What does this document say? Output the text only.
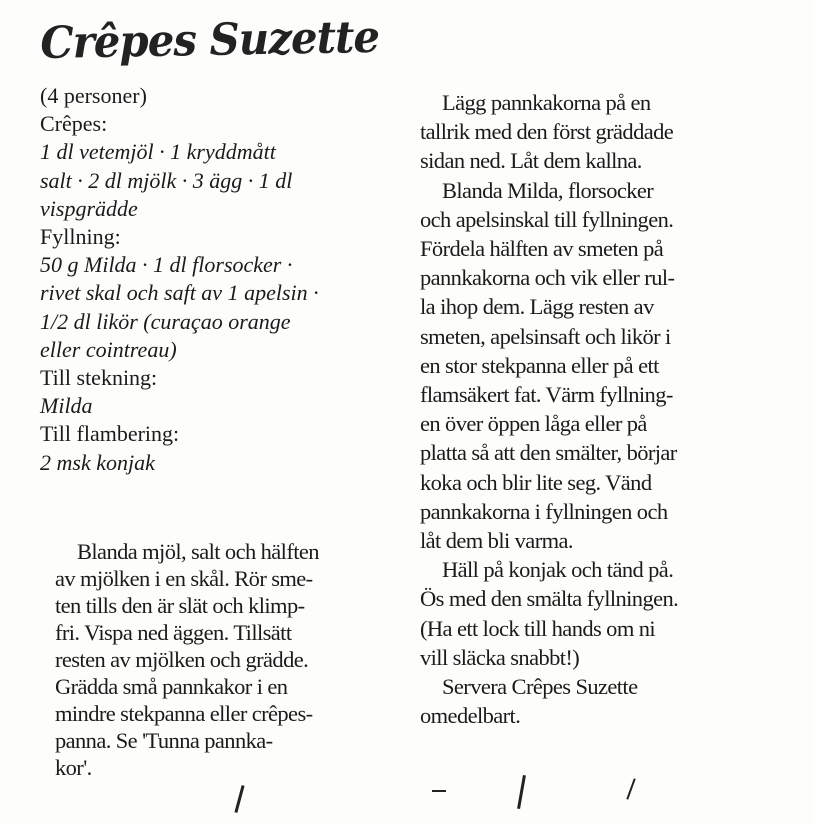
Crêpes Suzette
(4 personer)
Crêpes:
1 dl vetemjöl · 1 kryddmått
salt · 2 dl mjölk · 3 ägg · 1 dl
vispgrädde
Fyllning:
50 g Milda · 1 dl florsocker ·
rivet skal och saft av 1 apelsin ·
1/2 dl likör (curaçao orange
eller cointreau)
Till stekning:
Milda
Till flambering:
2 msk konjak
Blanda mjöl, salt och hälften
av mjölken i en skål. Rör sme-
ten tills den är slät och klimp-
fri. Vispa ned äggen. Tillsätt
resten av mjölken och grädde.
Grädda små pannkakor i en
mindre stekpanna eller crêpes-
panna. Se 'Tunna pannka-
kor'.
Lägg pannkakorna på en
tallrik med den först gräddade
sidan ned. Låt dem kallna.
Blanda Milda, florsocker
och apelsinskal till fyllningen.
Fördela hälften av smeten på
pannkakorna och vik eller rul-
la ihop dem. Lägg resten av
smeten, apelsinsaft och likör i
en stor stekpanna eller på ett
flamsäkert fat. Värm fyllning-
en över öppen låga eller på
platta så att den smälter, börjar
koka och blir lite seg. Vänd
pannkakorna i fyllningen och
låt dem bli varma.
Häll på konjak och tänd på.
Ös med den smälta fyllningen.
(Ha ett lock till hands om ni
vill släcka snabbt!)
Servera Crêpes Suzette
omedelbart.
